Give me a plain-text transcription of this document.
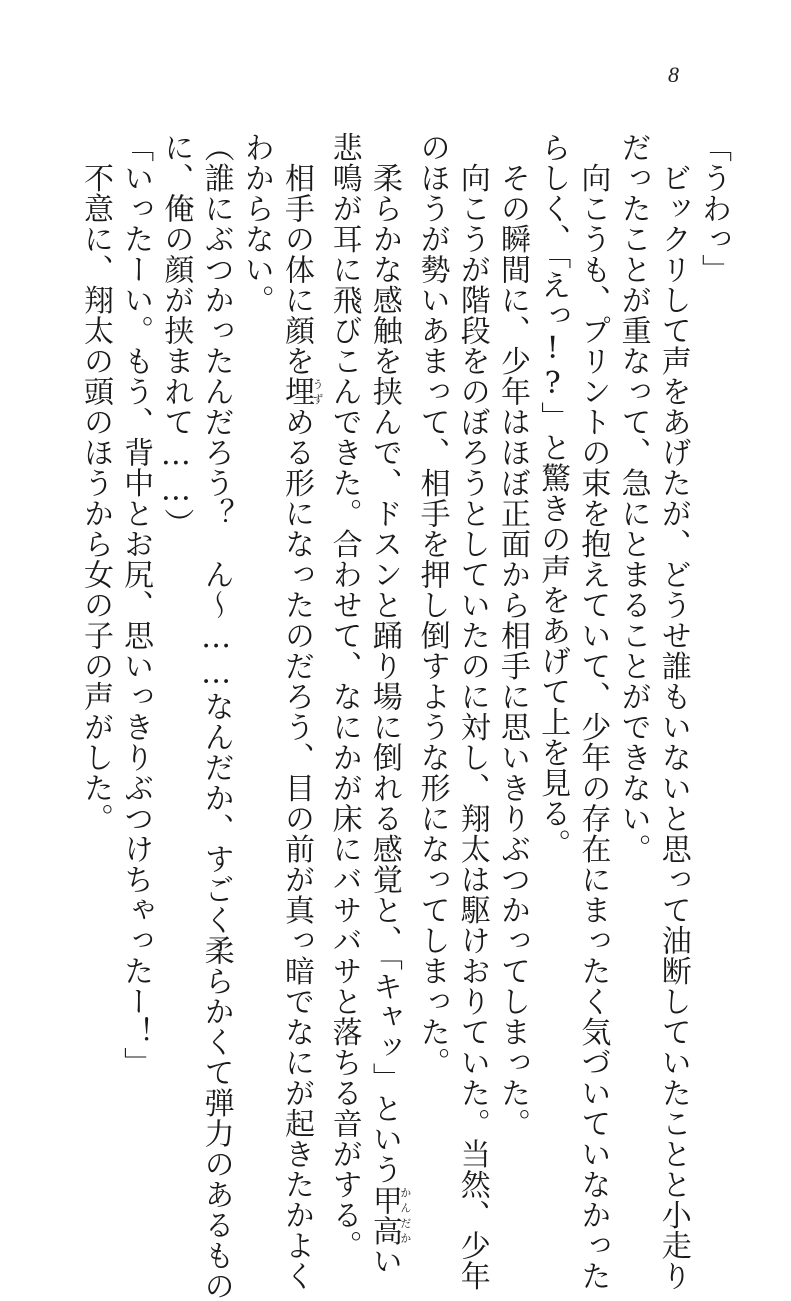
8
「うわっ」
　ビックリして声をあげたが、どうせ誰もいないと思って油断していたことと小走り
だったことが重なって、急にとまることができない。
　向こうも、プリントの束を抱えていて、少年の存在にまったく気づいていなかった
らしく、「えっ!?」と驚きの声をあげて上を見る。
　その瞬間に、少年はほぼ正面から相手に思いきりぶつかってしまった。
　向こうが階段をのぼろうとしていたのに対し、翔太は駆けおりていた。当然、少年
のほうが勢いあまって、相手を押し倒すような形になってしまった。
　柔らかな感触を挟んで、ドスンと踊り場に倒れる感覚と、「キャッ」という甲高かんだかい
悲鳴が耳に飛びこんできた。合わせて、なにかが床にバサバサと落ちる音がする。
　相手の体に顔を埋うずめる形になったのだろう、目の前が真っ暗でなにが起きたかよく
わからない。
（誰にぶつかったんだろう？　ん〜……なんだか、すごく柔らかくて弾力のあるもの
に、俺の顔が挟まれて……）
「いったーい。もう、背中とお尻、思いっきりぶつけちゃったー！」
　不意に、翔太の頭のほうから女の子の声がした。
